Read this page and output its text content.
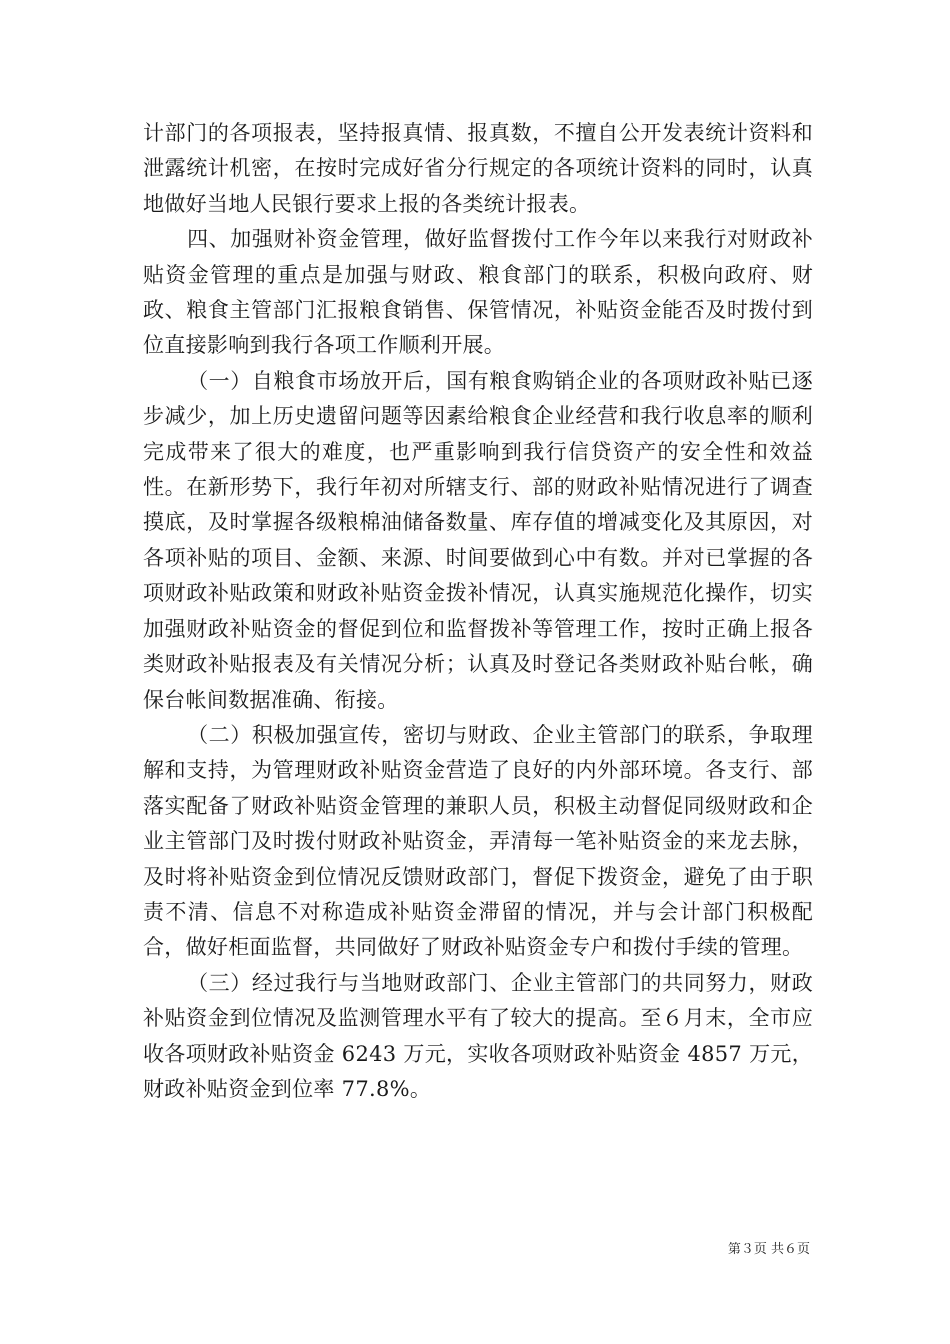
计部门的各项报表，坚持报真情、报真数，不擅自公开发表统计资料和泄露统计机密，在按时完成好省分行规定的各项统计资料的同时，认真地做好当地人民银行要求上报的各类统计报表。

四、加强财补资金管理，做好监督拨付工作今年以来我行对财政补贴资金管理的重点是加强与财政、粮食部门的联系，积极向政府、财政、粮食主管部门汇报粮食销售、保管情况，补贴资金能否及时拨付到位直接影响到我行各项工作顺利开展。

（一）自粮食市场放开后，国有粮食购销企业的各项财政补贴已逐步减少，加上历史遗留问题等因素给粮食企业经营和我行收息率的顺利完成带来了很大的难度，也严重影响到我行信贷资产的安全性和效益性。在新形势下，我行年初对所辖支行、部的财政补贴情况进行了调查摸底，及时掌握各级粮棉油储备数量、库存值的增减变化及其原因，对各项补贴的项目、金额、来源、时间要做到心中有数。并对已掌握的各项财政补贴政策和财政补贴资金拨补情况，认真实施规范化操作，切实加强财政补贴资金的督促到位和监督拨补等管理工作，按时正确上报各类财政补贴报表及有关情况分析；认真及时登记各类财政补贴台帐，确保台帐间数据准确、衔接。

（二）积极加强宣传，密切与财政、企业主管部门的联系，争取理解和支持，为管理财政补贴资金营造了良好的内外部环境。各支行、部落实配备了财政补贴资金管理的兼职人员，积极主动督促同级财政和企业主管部门及时拨付财政补贴资金，弄清每一笔补贴资金的来龙去脉，及时将补贴资金到位情况反馈财政部门，督促下拨资金，避免了由于职责不清、信息不对称造成补贴资金滞留的情况，并与会计部门积极配合，做好柜面监督，共同做好了财政补贴资金专户和拨付手续的管理。

（三）经过我行与当地财政部门、企业主管部门的共同努力，财政补贴资金到位情况及监测管理水平有了较大的提高。至６月末，全市应收各项财政补贴资金 6243 万元，实收各项财政补贴资金 4857 万元，财政补贴资金到位率 77.8%。

第３页 共６页
